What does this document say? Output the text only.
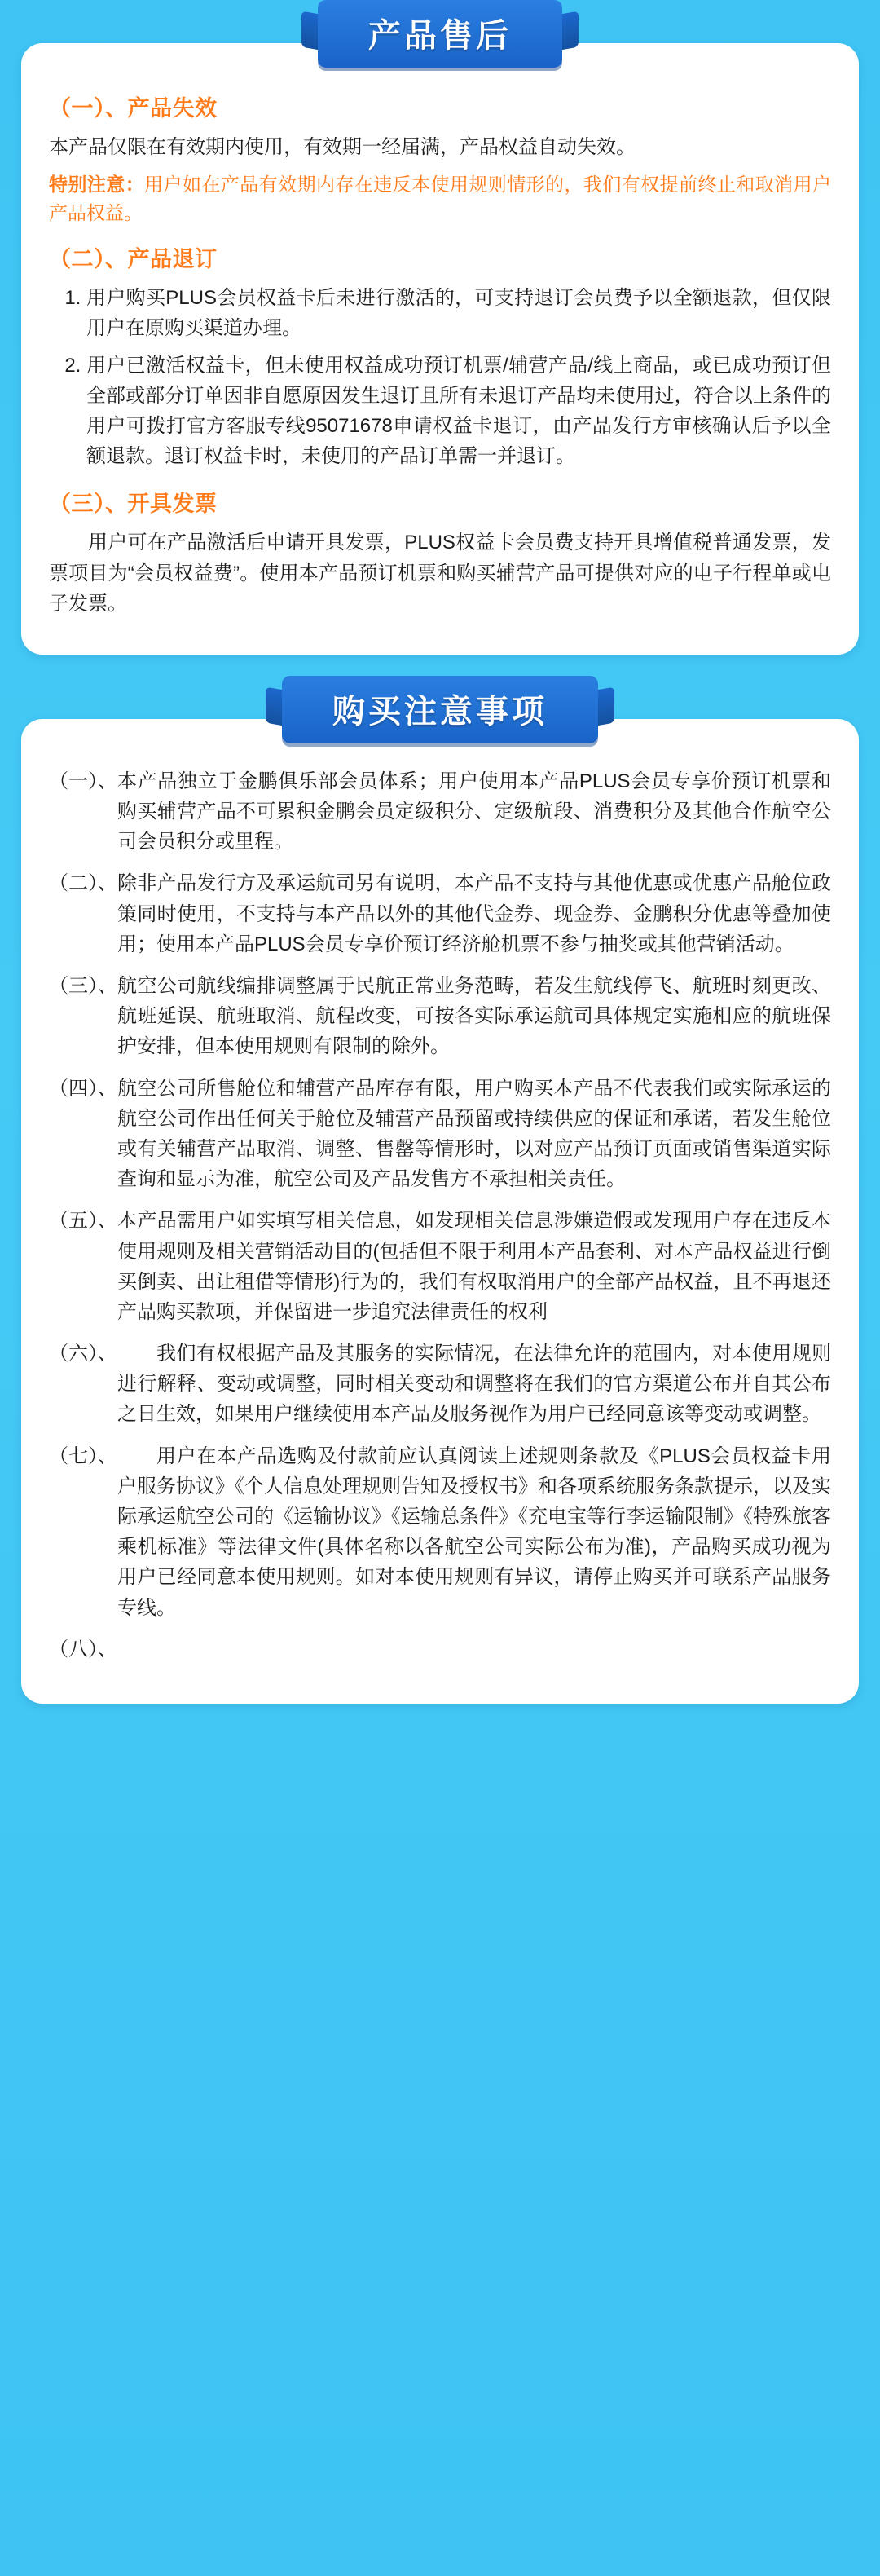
产品售后
（一）、产品失效

本产品仅限在有效期内使用，有效期一经届满，产品权益自动失效。

特别注意：用户如在产品有效期内存在违反本使用规则情形的，我们有权提前终止和取消用户产品权益。

（二）、产品退订
1. 用户购买PLUS会员权益卡后未进行激活的，可支持退订会员费予以全额退款，但仅限用户在原购买渠道办理。
2. 用户已激活权益卡，但未使用权益成功预订机票/辅营产品/线上商品，或已成功预订但全部或部分订单因非自愿原因发生退订且所有未退订产品均未使用过，符合以上条件的用户可拨打官方客服专线95071678申请权益卡退订，由产品发行方审核确认后予以全额退款。退订权益卡时，未使用的产品订单需一并退订。
（三）、开具发票

用户可在产品激活后申请开具发票，PLUS权益卡会员费支持开具增值税普通发票，发票项目为“会员权益费”。使用本产品预订机票和购买辅营产品可提供对应的电子行程单或电子发票。

购买注意事项
（一）、 本产品独立于金鹏俱乐部会员体系；用户使用本产品PLUS会员专享价预订机票和购买辅营产品不可累积金鹏会员定级积分、定级航段、消费积分及其他合作航空公司会员积分或里程。
（二）、 除非产品发行方及承运航司另有说明，本产品不支持与其他优惠或优惠产品舱位政策同时使用，不支持与本产品以外的其他代金券、现金券、金鹏积分优惠等叠加使用；使用本产品PLUS会员专享价预订经济舱机票不参与抽奖或其他营销活动。
（三）、 航空公司航线编排调整属于民航正常业务范畴，若发生航线停飞、航班时刻更改、航班延误、航班取消、航程改变，可按各实际承运航司具体规定实施相应的航班保护安排，但本使用规则有限制的除外。
（四）、 航空公司所售舱位和辅营产品库存有限，用户购买本产品不代表我们或实际承运的航空公司作出任何关于舱位及辅营产品预留或持续供应的保证和承诺，若发生舱位或有关辅营产品取消、调整、售罄等情形时，以对应产品预订页面或销售渠道实际查询和显示为准，航空公司及产品发售方不承担相关责任。
（五）、 本产品需用户如实填写相关信息，如发现相关信息涉嫌造假或发现用户存在违反本使用规则及相关营销活动目的(包括但不限于利用本产品套利、对本产品权益进行倒买倒卖、出让租借等情形)行为的，我们有权取消用户的全部产品权益，且不再退还产品购买款项，并保留进一步追究法律责任的权利
（六）、	我们有权根据产品及其服务的实际情况，在法律允许的范围内，对本使用规则进行解释、变动或调整，同时相关变动和调整将在我们的官方渠道公布并自其公布之日生效，如果用户继续使用本产品及服务视作为用户已经同意该等变动或调整。
（七）、	用户在本产品选购及付款前应认真阅读上述规则条款及《PLUS会员权益卡用户服务协议》《个人信息处理规则告知及授权书》和各项系统服务条款提示，以及实际承运航空公司的《运输协议》《运输总条件》《充电宝等行李运输限制》《特殊旅客乘机标准》等法律文件(具体名称以各航空公司实际公布为准)，产品购买成功视为用户已经同意本使用规则。如对本使用规则有异议，请停止购买并可联系产品服务专线。
（八）、
